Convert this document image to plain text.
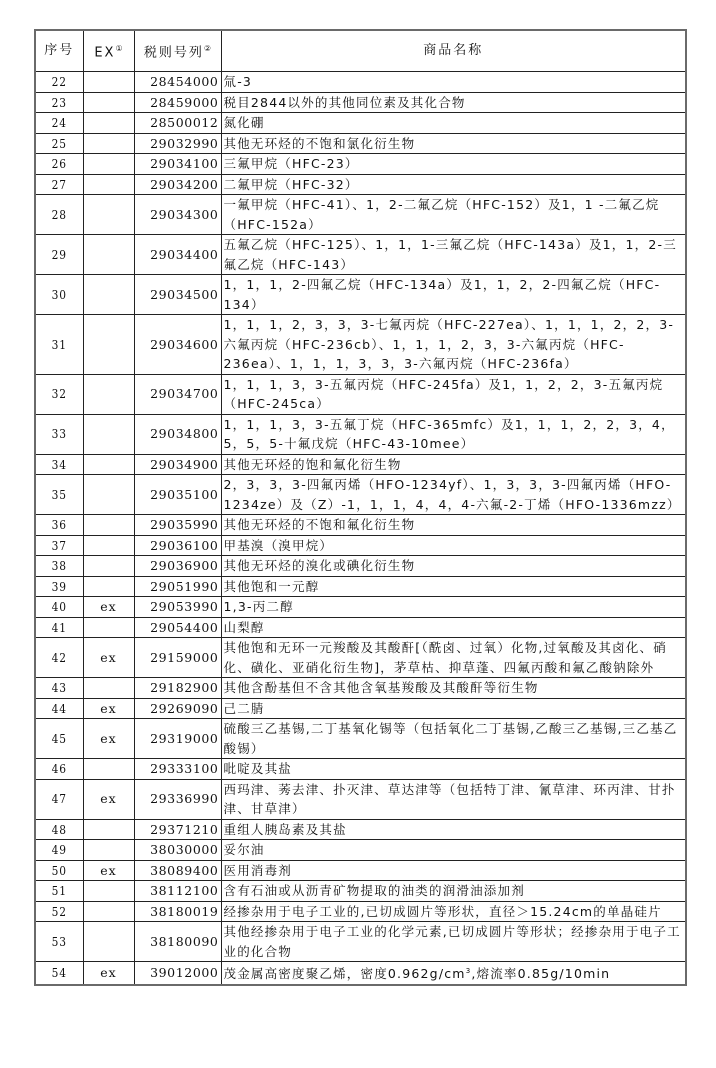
序号	EX①	税则号列②	商品名称
22		28454000	氚-3
23		28459000	税目2844以外的其他同位素及其化合物
24		28500012	氮化硼
25		29032990	其他无环烃的不饱和氯化衍生物
26		29034100	三氟甲烷（HFC-23）
27		29034200	二氟甲烷（HFC-32）
28		29034300	一氟甲烷（HFC-41）、1，2-二氟乙烷（HFC-152）及1，1 -二氟乙烷（HFC-152a）
29		29034400	五氟乙烷（HFC-125）、1，1，1-三氟乙烷（HFC-143a）及1，1，2-三氟乙烷（HFC-143）
30		29034500	1，1，1，2-四氟乙烷（HFC-134a）及1，1，2，2-四氟乙烷（HFC-134）
31		29034600	1，1，1，2，3，3，3-七氟丙烷（HFC-227ea）、1，1，1，2，2，3-六氟丙烷（HFC-236cb）、1，1，1，2，3，3-六氟丙烷（HFC-236ea）、1，1，1，3，3，3-六氟丙烷（HFC-236fa）
32		29034700	1，1，1，3，3-五氟丙烷（HFC-245fa）及1，1，2，2，3-五氟丙烷（HFC-245ca）
33		29034800	1，1，1，3，3-五氟丁烷（HFC-365mfc）及1，1，1，2，2，3，4，5，5，5-十氟戊烷（HFC-43-10mee）
34		29034900	其他无环烃的饱和氟化衍生物
35		29035100	2，3，3，3-四氟丙烯（HFO-1234yf）、1，3，3，3-四氟丙烯（HFO-1234ze）及（Z）-1，1，1，4，4，4-六氟-2-丁烯（HFO-1336mzz）
36		29035990	其他无环烃的不饱和氟化衍生物
37		29036100	甲基溴（溴甲烷）
38		29036900	其他无环烃的溴化或碘化衍生物
39		29051990	其他饱和一元醇
40	ex	29053990	1,3-丙二醇
41		29054400	山梨醇
42	ex	29159000	其他饱和无环一元羧酸及其酸酐[（酰卤、过氧）化物,过氧酸及其卤化、硝化、磺化、亚硝化衍生物]，茅草枯、抑草蓬、四氟丙酸和氟乙酸钠除外
43		29182900	其他含酚基但不含其他含氧基羧酸及其酸酐等衍生物
44	ex	29269090	己二腈
45	ex	29319000	硫酸三乙基锡,二丁基氧化锡等（包括氧化二丁基锡,乙酸三乙基锡,三乙基乙酸锡）
46		29333100	吡啶及其盐
47	ex	29336990	西玛津、莠去津、扑灭津、草达津等（包括特丁津、氰草津、环丙津、甘扑津、甘草津）
48		29371210	重组人胰岛素及其盐
49		38030000	妥尔油
50	ex	38089400	医用消毒剂
51		38112100	含有石油或从沥青矿物提取的油类的润滑油添加剂
52		38180019	经掺杂用于电子工业的,已切成圆片等形状，直径＞15.24cm的单晶硅片
53		38180090	其他经掺杂用于电子工业的化学元素,已切成圆片等形状；经掺杂用于电子工业的化合物
54	ex	39012000	茂金属高密度聚乙烯，密度$0.962g/cm^3$,熔流率0.85g/10min
